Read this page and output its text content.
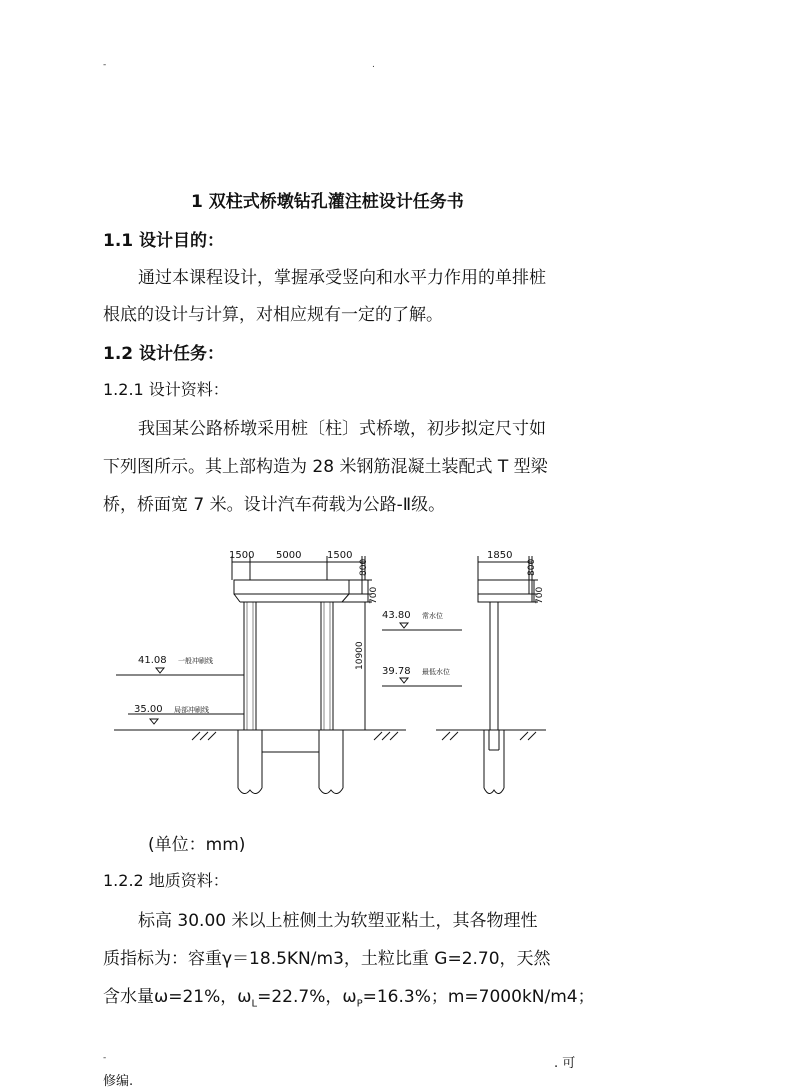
-	.
1 双柱式桥墩钻孔灌注桩设计任务书
1.1 设计目的：
通过本课程设计，掌握承受竖向和水平力作用的单排桩
根底的设计与计算，对相应规有一定的了解。
1.2 设计任务：
1.2.1 设计资料：
我国某公路桥墩采用桩〔柱〕式桥墩，初步拟定尺寸如
下列图所示。其上部构造为 28 米钢筋混凝土装配式 T 型梁
桥，桥面宽 7 米。设计汽车荷载为公路-Ⅱ级。
1500 5000	1500	1850
800
700
10900
800
700
43.80 常水位
39.78 最低水位
41.08 一般冲刷线
35.00 局部冲刷线
(单位：mm)
1.2.2 地质资料：
标高 30.00 米以上桩侧土为软塑亚粘土，其各物理性
质指标为：容重γ＝18.5KN/m3，土粒比重 G=2.70，天然
含水量ω=21%，$\omega_L=22.7\%$，$\omega_P=16.3\%$；m=7000kN/m4；
-	. 可
修编.
